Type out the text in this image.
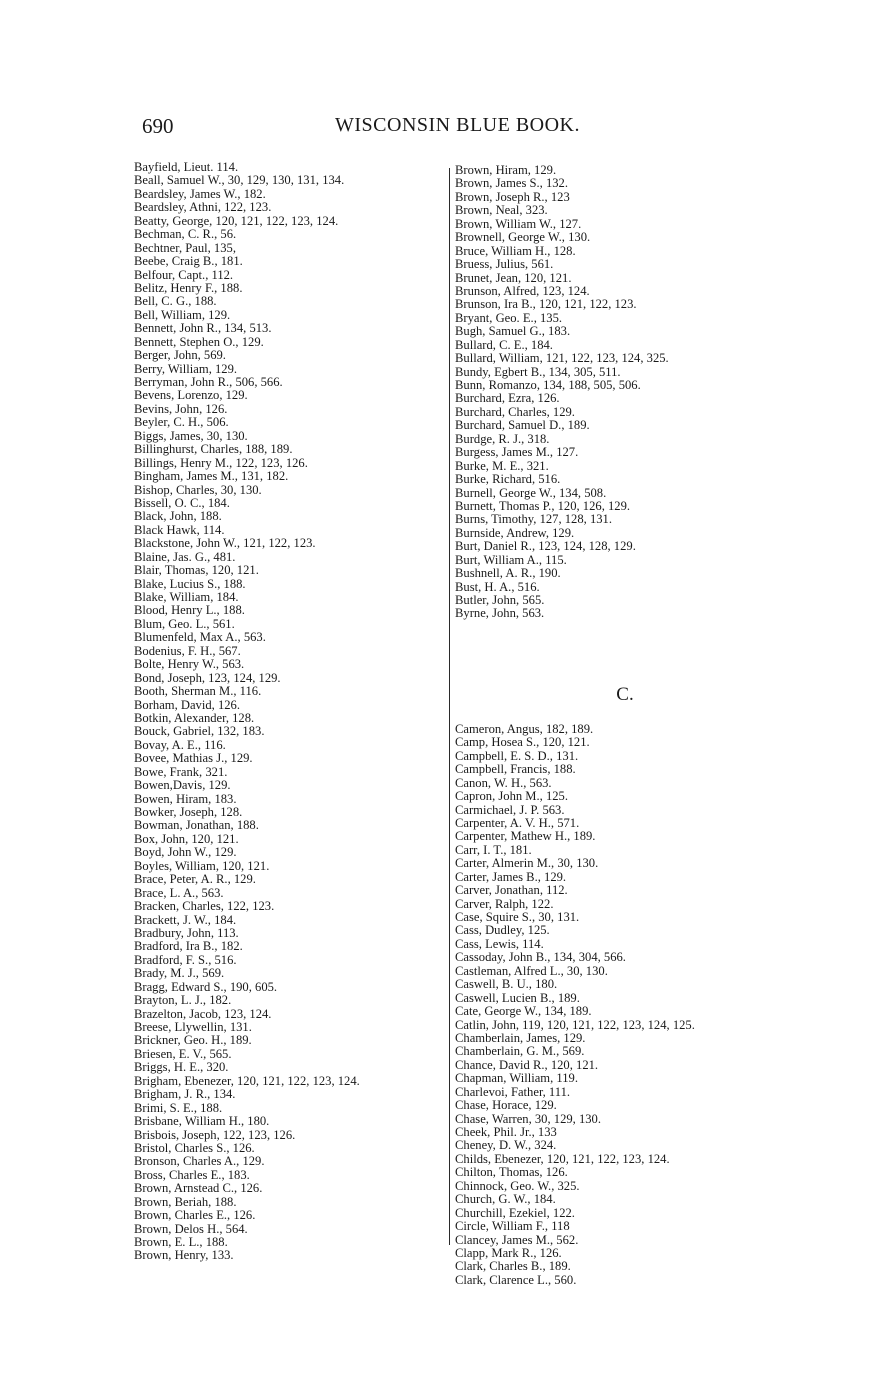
690	WISCONSIN BLUE BOOK.
Bayfield, Lieut. 114.
Beall, Samuel W., 30, 129, 130, 131, 134.
Beardsley, James W., 182.
Beardsley, Athni, 122, 123.
Beatty, George, 120, 121, 122, 123, 124.
Bechman, C. R., 56.
Bechtner, Paul, 135,
Beebe, Craig B., 181.
Belfour, Capt., 112.
Belitz, Henry F., 188.
Bell, C. G., 188.
Bell, William, 129.
Bennett, John R., 134, 513.
Bennett, Stephen O., 129.
Berger, John, 569.
Berry, William, 129.
Berryman, John R., 506, 566.
Bevens, Lorenzo, 129.
Bevins, John, 126.
Beyler, C. H., 506.
Biggs, James, 30, 130.
Billinghurst, Charles, 188, 189.
Billings, Henry M., 122, 123, 126.
Bingham, James M., 131, 182.
Bishop, Charles, 30, 130.
Bissell, O. C., 184.
Black, John, 188.
Black Hawk, 114.
Blackstone, John W., 121, 122, 123.
Blaine, Jas. G., 481.
Blair, Thomas, 120, 121.
Blake, Lucius S., 188.
Blake, William, 184.
Blood, Henry L., 188.
Blum, Geo. L., 561.
Blumenfeld, Max A., 563.
Bodenius, F. H., 567.
Bolte, Henry W., 563.
Bond, Joseph, 123, 124, 129.
Booth, Sherman M., 116.
Borham, David, 126.
Botkin, Alexander, 128.
Bouck, Gabriel, 132, 183.
Bovay, A. E., 116.
Bovee, Mathias J., 129.
Bowe, Frank, 321.
Bowen,Davis, 129.
Bowen, Hiram, 183.
Bowker, Joseph, 128.
Bowman, Jonathan, 188.
Box, John, 120, 121.
Boyd, John W., 129.
Boyles, William, 120, 121.
Brace, Peter, A. R., 129.
Brace, L. A., 563.
Bracken, Charles, 122, 123.
Brackett, J. W., 184.
Bradbury, John, 113.
Bradford, Ira B., 182.
Bradford, F. S., 516.
Brady, M. J., 569.
Bragg, Edward S., 190, 605.
Brayton, L. J., 182.
Brazelton, Jacob, 123, 124.
Breese, Llywellin, 131.
Brickner, Geo. H., 189.
Briesen, E. V., 565.
Briggs, H. E., 320.
Brigham, Ebenezer, 120, 121, 122, 123, 124.
Brigham, J. R., 134.
Brimi, S. E., 188.
Brisbane, William H., 180.
Brisbois, Joseph, 122, 123, 126.
Bristol, Charles S., 126.
Bronson, Charles A., 129.
Bross, Charles E., 183.
Brown, Arnstead C., 126.
Brown, Beriah, 188.
Brown, Charles E., 126.
Brown, Delos H., 564.
Brown, E. L., 188.
Brown, Henry, 133.
Brown, Hiram, 129.
Brown, James S., 132.
Brown, Joseph R., 123
Brown, Neal, 323.
Brown, William W., 127.
Brownell, George W., 130.
Bruce, William H., 128.
Bruess, Julius, 561.
Brunet, Jean, 120, 121.
Brunson, Alfred, 123, 124.
Brunson, Ira B., 120, 121, 122, 123.
Bryant, Geo. E., 135.
Bugh, Samuel G., 183.
Bullard, C. E., 184.
Bullard, William, 121, 122, 123, 124, 325.
Bundy, Egbert B., 134, 305, 511.
Bunn, Romanzo, 134, 188, 505, 506.
Burchard, Ezra, 126.
Burchard, Charles, 129.
Burchard, Samuel D., 189.
Burdge, R. J., 318.
Burgess, James M., 127.
Burke, M. E., 321.
Burke, Richard, 516.
Burnell, George W., 134, 508.
Burnett, Thomas P., 120, 126, 129.
Burns, Timothy, 127, 128, 131.
Burnside, Andrew, 129.
Burt, Daniel R., 123, 124, 128, 129.
Burt, William A., 115.
Bushnell, A. R., 190.
Bust, H. A., 516.
Butler, John, 565.
Byrne, John, 563.
C.
Cameron, Angus, 182, 189.
Camp, Hosea S., 120, 121.
Campbell, E. S. D., 131.
Campbell, Francis, 188.
Canon, W. H., 563.
Capron, John M., 125.
Carmichael, J. P. 563.
Carpenter, A. V. H., 571.
Carpenter, Mathew H., 189.
Carr, I. T., 181.
Carter, Almerin M., 30, 130.
Carter, James B., 129.
Carver, Jonathan, 112.
Carver, Ralph, 122.
Case, Squire S., 30, 131.
Cass, Dudley, 125.
Cass, Lewis, 114.
Cassoday, John B., 134, 304, 566.
Castleman, Alfred L., 30, 130.
Caswell, B. U., 180.
Caswell, Lucien B., 189.
Cate, George W., 134, 189.
Catlin, John, 119, 120, 121, 122, 123, 124, 125.
Chamberlain, James, 129.
Chamberlain, G. M., 569.
Chance, David R., 120, 121.
Chapman, William, 119.
Charlevoi, Father, 111.
Chase, Horace, 129.
Chase, Warren, 30, 129, 130.
Cheek, Phil. Jr., 133
Cheney, D. W., 324.
Childs, Ebenezer, 120, 121, 122, 123, 124.
Chilton, Thomas, 126.
Chinnock, Geo. W., 325.
Church, G. W., 184.
Churchill, Ezekiel, 122.
Circle, William F., 118
Clancey, James M., 562.
Clapp, Mark R., 126.
Clark, Charles B., 189.
Clark, Clarence L., 560.
